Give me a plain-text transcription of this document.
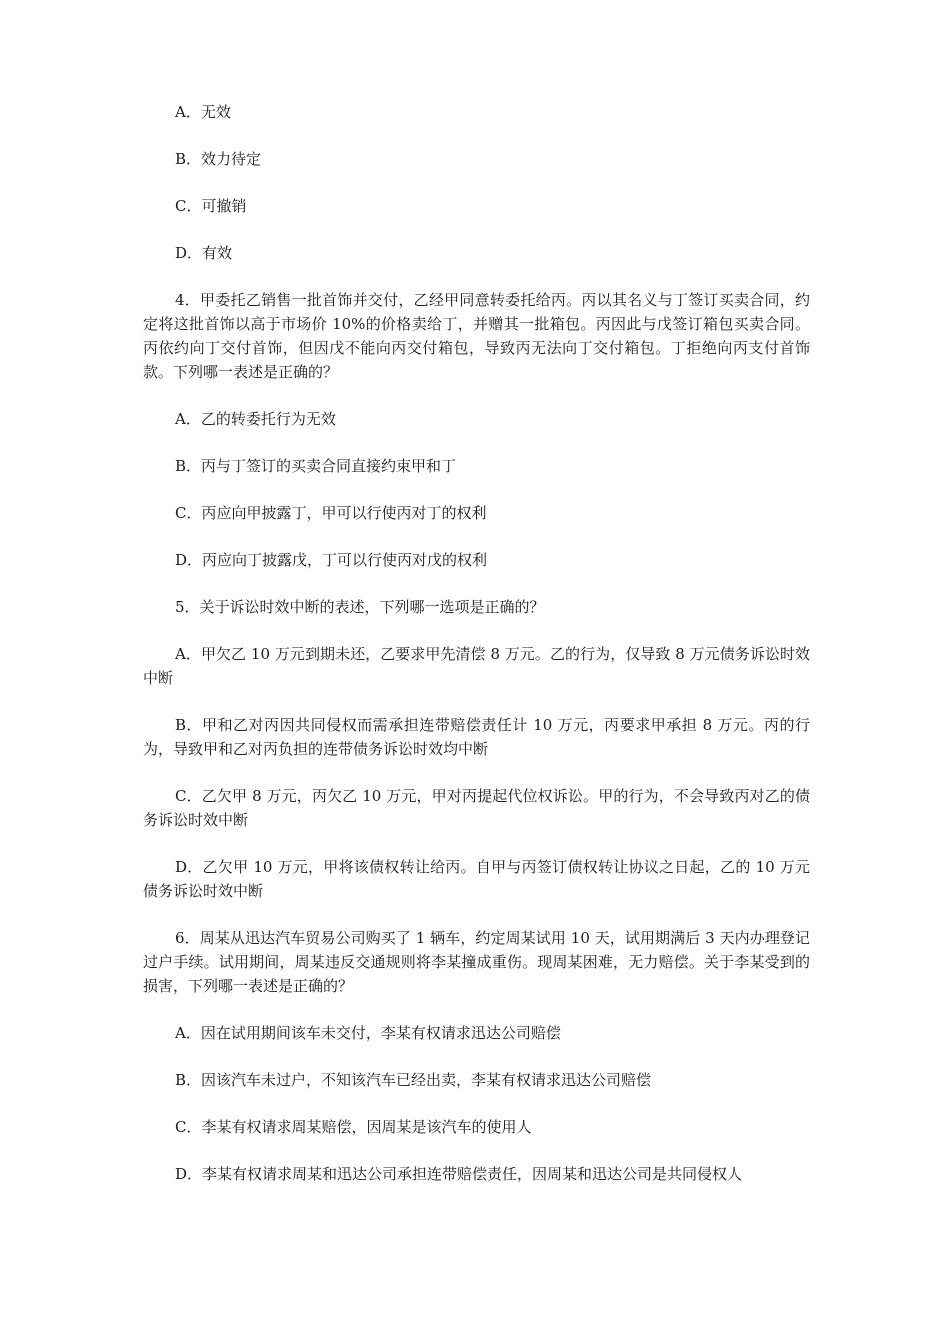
A．无效

B．效力待定

C．可撤销

D．有效

4．甲委托乙销售一批首饰并交付，乙经甲同意转委托给丙。丙以其名义与丁签订买卖合同，约定将这批首饰以高于市场价 10%的价格卖给丁，并赠其一批箱包。丙因此与戊签订箱包买卖合同。丙依约向丁交付首饰，但因戊不能向丙交付箱包，导致丙无法向丁交付箱包。丁拒绝向丙支付首饰款。下列哪一表述是正确的？

A．乙的转委托行为无效

B．丙与丁签订的买卖合同直接约束甲和丁

C．丙应向甲披露丁，甲可以行使丙对丁的权利

D．丙应向丁披露戊，丁可以行使丙对戊的权利

5．关于诉讼时效中断的表述，下列哪一选项是正确的？

A．甲欠乙 10 万元到期未还，乙要求甲先清偿 8 万元。乙的行为，仅导致 8 万元债务诉讼时效中断

B．甲和乙对丙因共同侵权而需承担连带赔偿责任计 10 万元，丙要求甲承担 8 万元。丙的行为，导致甲和乙对丙负担的连带债务诉讼时效均中断

C．乙欠甲 8 万元，丙欠乙 10 万元，甲对丙提起代位权诉讼。甲的行为，不会导致丙对乙的债务诉讼时效中断

D．乙欠甲 10 万元，甲将该债权转让给丙。自甲与丙签订债权转让协议之日起，乙的 10 万元债务诉讼时效中断

6．周某从迅达汽车贸易公司购买了 1 辆车，约定周某试用 10 天，试用期满后 3 天内办理登记过户手续。试用期间，周某违反交通规则将李某撞成重伤。现周某困难，无力赔偿。关于李某受到的损害，下列哪一表述是正确的？

A．因在试用期间该车未交付，李某有权请求迅达公司赔偿

B．因该汽车未过户，不知该汽车已经出卖，李某有权请求迅达公司赔偿

C．李某有权请求周某赔偿，因周某是该汽车的使用人

D．李某有权请求周某和迅达公司承担连带赔偿责任，因周某和迅达公司是共同侵权人
